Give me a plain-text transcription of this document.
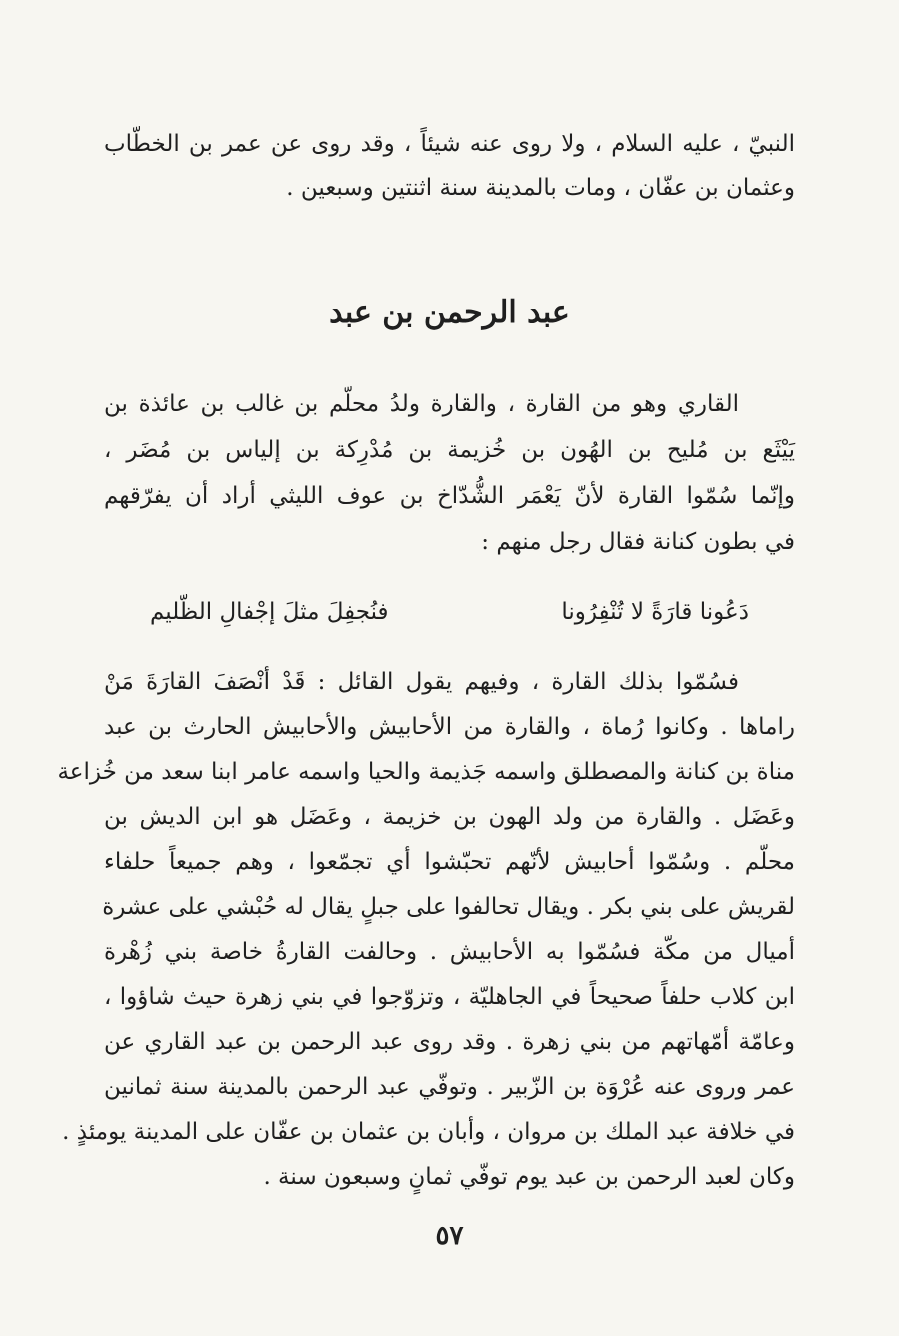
النبيّ ، عليه السلام ، ولا روى عنه شيئاً ، وقد روى عن عمر بن الخطّاب
وعثمان بن عفّان ، ومات بالمدينة سنة اثنتين وسبعين .
عبد الرحمن بن عبد
القاري وهو من القارة ، والقارة ولدُ محلّم بن غالب بن عائذة بن
يَيْثَع بن مُليح بن الهُون بن خُزيمة بن مُدْرِكة بن إلياس بن مُضَر ،
وإنّما سُمّوا القارة لأنّ يَعْمَر الشُّدّاخ بن عوف الليثي أراد أن يفرّقهم
في بطون كنانة فقال رجل منهم :
دَعُونا قارَةً لا تُنْفِرُونا
فنُجفِلَ مثلَ إجْفالِ الظّليم
فسُمّوا بذلك القارة ، وفيهم يقول القائل : قَدْ أنْصَفَ القارَةَ مَنْ
راماها . وكانوا رُماة ، والقارة من الأحابيش والأحابيش الحارث بن عبد
مناة بن كنانة والمصطلق واسمه جَذيمة والحيا واسمه عامر ابنا سعد من خُزاعة
وعَضَل . والقارة من ولد الهون بن خزيمة ، وعَضَل هو ابن الديش بن
محلّم . وسُمّوا أحابيش لأنّهم تحبّشوا أي تجمّعوا ، وهم جميعاً حلفاء
لقريش على بني بكر . ويقال تحالفوا على جبلٍ يقال له حُبْشي على عشرة
أميال من مكّة فسُمّوا به الأحابيش . وحالفت القارةُ خاصة بني زُهْرة
ابن كلاب حلفاً صحيحاً في الجاهليّة ، وتزوّجوا في بني زهرة حيث شاؤوا ،
وعامّة أمّهاتهم من بني زهرة . وقد روى عبد الرحمن بن عبد القاري عن
عمر وروى عنه عُرْوَة بن الزّبير . وتوفّي عبد الرحمن بالمدينة سنة ثمانين
في خلافة عبد الملك بن مروان ، وأبان بن عثمان بن عفّان على المدينة يومئذٍ .
وكان لعبد الرحمن بن عبد يوم توفّي ثمانٍ وسبعون سنة .
٥٧
